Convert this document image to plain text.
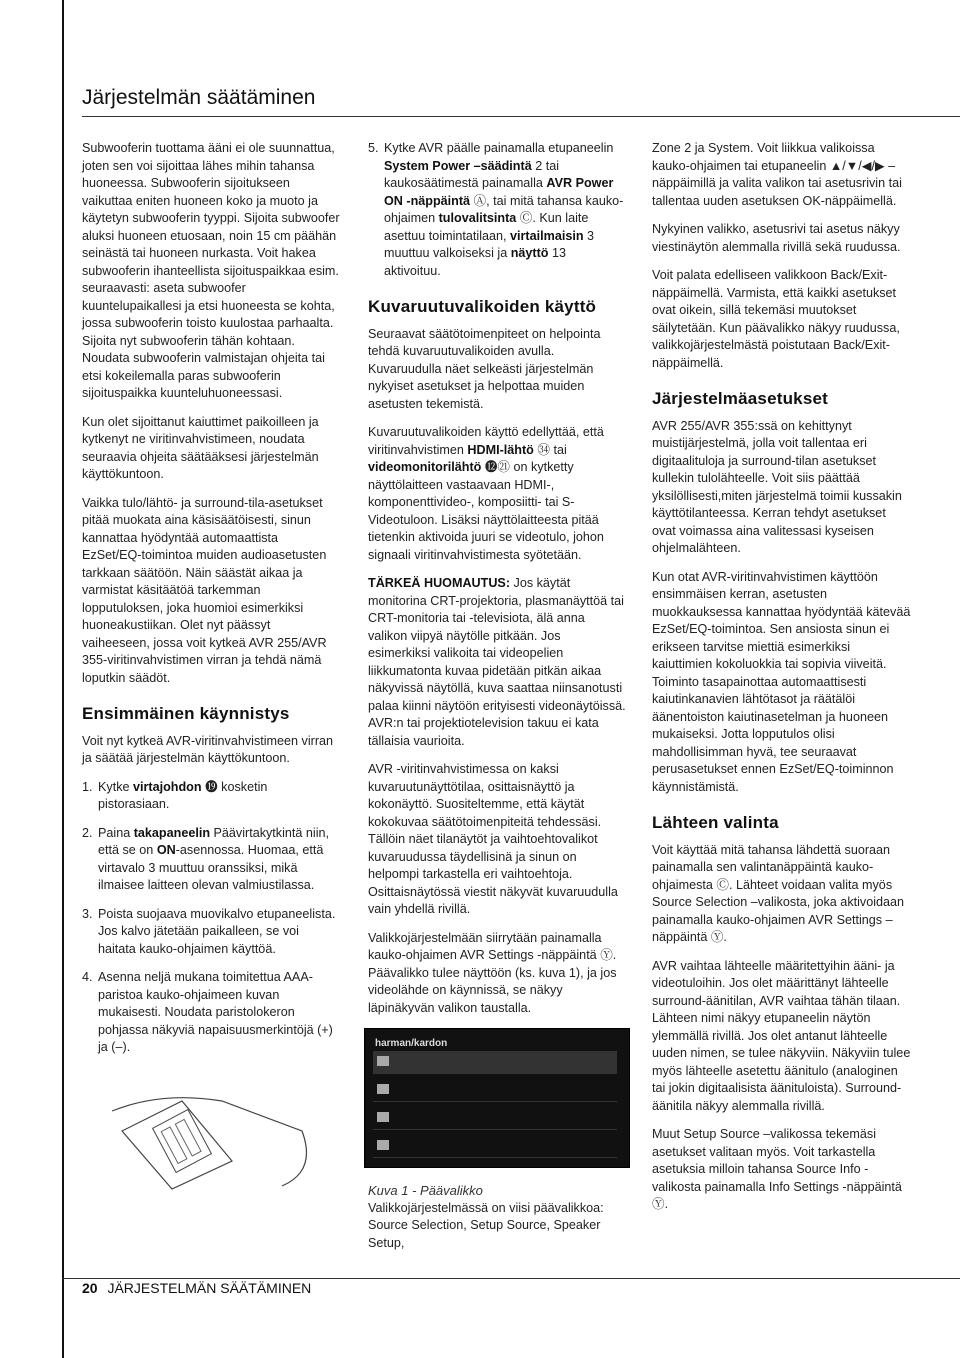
Järjestelmän säätäminen

Subwooferin tuottama ääni ei ole suunnattua, joten sen voi sijoittaa lähes mihin tahansa huoneessa. Subwooferin sijoitukseen vaikuttaa eniten huoneen koko ja muoto ja käytetyn subwooferin tyyppi. Sijoita subwoofer aluksi huoneen etuosaan, noin 15 cm päähän seinästä tai huoneen nurkasta. Voit hakea subwooferin ihanteellista sijoituspaikkaa esim. seuraavasti: aseta subwoofer kuuntelupaikallesi ja etsi huoneesta se kohta, jossa subwooferin toisto kuulostaa parhaalta.

Sijoita nyt subwooferin tähän kohtaan. Noudata subwooferin valmistajan ohjeita tai etsi kokeilemalla paras subwooferin sijoituspaikka kuunteluhuoneessasi.

Kun olet sijoittanut kaiuttimet paikoilleen ja kytkenyt ne viritinvahvistimeen, noudata seuraavia ohjeita säätääksesi järjestelmän käyttökuntoon.

Vaikka tulo/lähtö- ja surround-tila-asetukset pitää muokata aina käsisäätöisesti, sinun kannattaa hyödyntää automaattista EzSet/EQ-toimintoa muiden audioasetusten tarkkaan säätöön. Näin säästät aikaa ja varmistat käsitäätöä tarkemman lopputuloksen, joka huomioi esimerkiksi huoneakustiikan. Olet nyt päässyt vaiheeseen, jossa voit kytkeä AVR 255/AVR 355-viritinvahvistimen virran ja tehdä nämä loputkin säädöt.

Ensimmäinen käynnistys

Voit nyt kytkeä AVR-viritinvahvistimeen virran ja säätää järjestelmän käyttökuntoon.

1. Kytke virtajohdon ⓳ kosketin pistorasiaan.
2. Paina takapaneelin Päävirtakytkintä niin, että se on ON-asennossa. Huomaa, että virtavalo 3 muuttuu oranssiksi, mikä ilmaisee laitteen olevan valmiustilassa.
3. Poista suojaava muovikalvo etupaneelista. Jos kalvo jätetään paikalleen, se voi haitata kauko-ohjaimen käyttöä.
4. Asenna neljä mukana toimitettua AAA-paristoa kauko-ohjaimeen kuvan mukaisesti. Noudata paristolokeron pohjassa näkyviä napaisuusmerkintöjä (+) ja (–).
5. Kytke AVR päälle painamalla etupaneelin System Power –säädintä 2 tai kaukosäätimestä painamalla AVR Power ON -näppäintä Ⓐ, tai mitä tahansa kauko-ohjaimen tulovalitsinta Ⓒ. Kun laite asettuu toimintatilaan, virtailmaisin 3 muuttuu valkoiseksi ja näyttö 13 aktivoituu.
Kuvaruutuvalikoiden käyttö

Seuraavat säätötoimenpiteet on helpointa tehdä kuvaruutuvalikoiden avulla. Kuvaruudulla näet selkeästi järjestelmän nykyiset asetukset ja helpottaa muiden asetusten tekemistä.

Kuvaruutuvalikoiden käyttö edellyttää, että viritinvahvistimen HDMI-lähtö ㉞ tai videomonitorilähtö ⓬㉑ on kytketty näyttölaitteen vastaavaan HDMI-, komponenttivideo-, komposiitti- tai S-Videotuloon. Lisäksi näyttölaitteesta pitää tietenkin aktivoida juuri se videotulo, johon signaali viritinvahvistimesta syötetään.

TÄRKEÄ HUOMAUTUS: Jos käytät monitorina CRT-projektoria, plasmanäyttöä tai CRT-monitoria tai -televisiota, älä anna valikon viipyä näytölle pitkään. Jos esimerkiksi valikoita tai videopelien liikkumatonta kuvaa pidetään pitkän aikaa näkyvissä näytöllä, kuva saattaa niinsanotusti palaa kiinni näytöön erityisesti videonäytöissä. AVR:n tai projektiotelevision takuu ei kata tällaisia vaurioita.

AVR -viritinvahvistimessa on kaksi kuvaruutunäyttötilaa, osittaisnäyttö ja kokonäyttö. Suositeltemme, että käytät kokokuvaa säätötoimenpiteitä tehdessäsi. Tällöin näet tilanäytöt ja vaihtoehtovalikot kuvaruudussa täydellisinä ja sinun on helpompi tarkastella eri vaihtoehtoja. Osittaisnäytössä viestit näkyvät kuvaruudulla vain yhdellä rivillä.

Valikkojärjestelmään siirrytään painamalla kauko-ohjaimen AVR Settings -näppäintä Ⓨ. Päävalikko tulee näyttöön (ks. kuva 1), ja jos videolähde on käynnissä, se näkyy läpinäkyvän valikon taustalla.

harman/kardon
Kuva 1 - Päävalikko

Valikkojärjestelmässä on viisi päävalikkoa: Source Selection, Setup Source, Speaker Setup,

Zone 2 ja System. Voit liikkua valikoissa kauko-ohjaimen tai etupaneelin ▲/▼/◀/▶ –näppäimillä ja valita valikon tai asetusrivin tai tallentaa uuden asetuksen OK-näppäimellä.

Nykyinen valikko, asetusrivi tai asetus näkyy viestinäytön alemmalla rivillä sekä ruudussa.

Voit palata edelliseen valikkoon Back/Exit-näppäimellä. Varmista, että kaikki asetukset ovat oikein, sillä tekemäsi muutokset säilytetään. Kun päävalikko näkyy ruudussa, valikkojärjestelmästä poistutaan Back/Exit-näppäimellä.

Järjestelmäasetukset

AVR 255/AVR 355:ssä on kehittynyt muistijärjestelmä, jolla voit tallentaa eri digitaalituloja ja surround-tilan asetukset kullekin tulolähteelle. Voit siis päättää yksilöllisesti,miten järjestelmä toimii kussakin käyttötilanteessa. Kerran tehdyt asetukset ovat voimassa aina valitessasi kyseisen ohjelmalähteen.

Kun otat AVR-viritinvahvistimen käyttöön ensimmäisen kerran, asetusten muokkauksessa kannattaa hyödyntää kätevää EzSet/EQ-toimintoa. Sen ansiosta sinun ei erikseen tarvitse miettiä esimerkiksi kaiuttimien kokoluokkia tai sopivia viiveitä. Toiminto tasapainottaa automaattisesti kaiutinkanavien lähtötasot ja räätälöi äänentoiston kaiutinasetelman ja huoneen mukaiseksi. Jotta lopputulos olisi mahdollisimman hyvä, tee seuraavat perusasetukset ennen EzSet/EQ-toiminnon käynnistämistä.

Lähteen valinta

Voit käyttää mitä tahansa lähdettä suoraan painamalla sen valintanäppäintä kauko-ohjaimesta Ⓒ. Lähteet voidaan valita myös Source Selection –valikosta, joka aktivoidaan painamalla kauko-ohjaimen AVR Settings –näppäintä Ⓨ.

AVR vaihtaa lähteelle määritettyihin ääni- ja videotuloihin. Jos olet määrittänyt lähteelle surround-äänitilan, AVR vaihtaa tähän tilaan. Lähteen nimi näkyy etupaneelin näytön ylemmällä rivillä. Jos olet antanut lähteelle uuden nimen, se tulee näkyviin. Näkyviin tulee myös lähteelle asetettu äänitulo (analoginen tai jokin digitaalisista äänituloista). Surround-äänitila näkyy alemmalla rivillä.

Muut Setup Source –valikossa tekemäsi asetukset valitaan myös. Voit tarkastella asetuksia milloin tahansa Source Info -valikosta painamalla Info Settings -näppäintä Ⓨ.

20 JÄRJESTELMÄN SÄÄTÄMINEN
